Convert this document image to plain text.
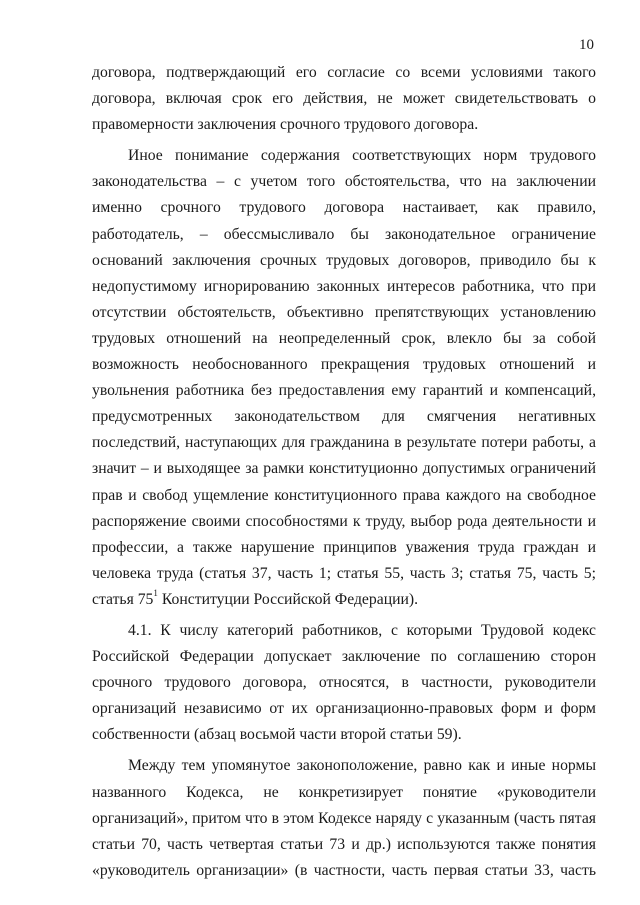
10
договора, подтверждающий его согласие со всеми условиями такого
договора, включая срок его действия, не может свидетельствовать о
правомерности заключения срочного трудового договора.
Иное понимание содержания соответствующих норм трудового
законодательства – с учетом того обстоятельства, что на заключении
именно срочного трудового договора настаивает, как правило,
работодатель, – обессмысливало бы законодательное ограничение
оснований заключения срочных трудовых договоров, приводило бы к
недопустимому игнорированию законных интересов работника, что при
отсутствии обстоятельств, объективно препятствующих установлению
трудовых отношений на неопределенный срок, влекло бы за собой
возможность необоснованного прекращения трудовых отношений и
увольнения работника без предоставления ему гарантий и компенсаций,
предусмотренных законодательством для смягчения негативных
последствий, наступающих для гражданина в результате потери работы, а
значит – и выходящее за рамки конституционно допустимых ограничений
прав и свобод ущемление конституционного права каждого на свободное
распоряжение своими способностями к труду, выбор рода деятельности и
профессии, а также нарушение принципов уважения труда граждан и
человека труда (статья 37, часть 1; статья 55, часть 3; статья 75, часть 5;
статья $75^1$ Конституции Российской Федерации).
4.1. К числу категорий работников, с которыми Трудовой кодекс
Российской Федерации допускает заключение по соглашению сторон
срочного трудового договора, относятся, в частности, руководители
организаций независимо от их организационно-правовых форм и форм
собственности (абзац восьмой части второй статьи 59).
Между тем упомянутое законоположение, равно как и иные нормы
названного Кодекса, не конкретизирует понятие «руководители
организаций», притом что в этом Кодексе наряду с указанным (часть пятая
статьи 70, часть четвертая статьи 73 и др.) используются также понятия
«руководитель организации» (в частности, часть первая статьи 33, часть
